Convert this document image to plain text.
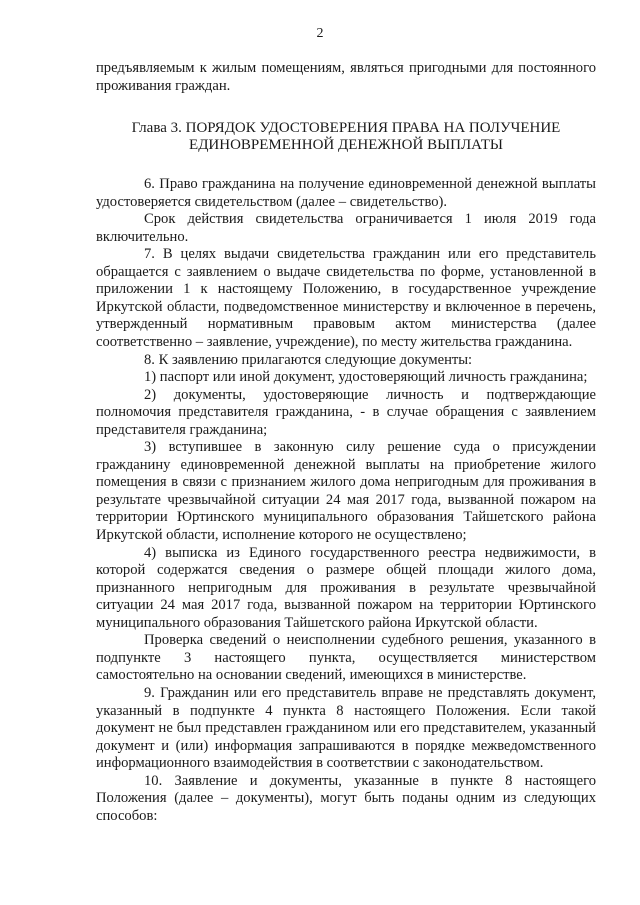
2

предъявляемым к жилым помещениям, являться пригодными для постоянного проживания граждан.

Глава 3. ПОРЯДОК УДОСТОВЕРЕНИЯ ПРАВА НА ПОЛУЧЕНИЕ
ЕДИНОВРЕМЕННОЙ ДЕНЕЖНОЙ ВЫПЛАТЫ

6. Право гражданина на получение единовременной денежной выплаты удостоверяется свидетельством (далее – свидетельство).

Срок действия свидетельства ограничивается 1 июля 2019 года включительно.

7. В целях выдачи свидетельства гражданин или его представитель обращается с заявлением о выдаче свидетельства по форме, установленной в приложении 1 к настоящему Положению, в государственное учреждение Иркутской области, подведомственное министерству и включенное в перечень, утвержденный нормативным правовым актом министерства (далее соответственно – заявление, учреждение), по месту жительства гражданина.

8. К заявлению прилагаются следующие документы:

1) паспорт или иной документ, удостоверяющий личность гражданина;

2) документы, удостоверяющие личность и подтверждающие полномочия представителя гражданина, - в случае обращения с заявлением представителя гражданина;

3) вступившее в законную силу решение суда о присуждении гражданину единовременной денежной выплаты на приобретение жилого помещения в связи с признанием жилого дома непригодным для проживания в результате чрезвычайной ситуации 24 мая 2017 года, вызванной пожаром на территории Юртинского муниципального образования Тайшетского района Иркутской области, исполнение которого не осуществлено;

4) выписка из Единого государственного реестра недвижимости, в которой содержатся сведения о размере общей площади жилого дома, признанного непригодным для проживания в результате чрезвычайной ситуации 24 мая 2017 года, вызванной пожаром на территории Юртинского муниципального образования Тайшетского района Иркутской области.

Проверка сведений о неисполнении судебного решения, указанного в подпункте 3 настоящего пункта, осуществляется министерством самостоятельно на основании сведений, имеющихся в министерстве.

9. Гражданин или его представитель вправе не представлять документ, указанный в подпункте 4 пункта 8 настоящего Положения. Если такой документ не был представлен гражданином или его представителем, указанный документ и (или) информация запрашиваются в порядке межведомственного информационного взаимодействия в соответствии с законодательством.

10. Заявление и документы, указанные в пункте 8 настоящего Положения (далее – документы), могут быть поданы одним из следующих способов:
